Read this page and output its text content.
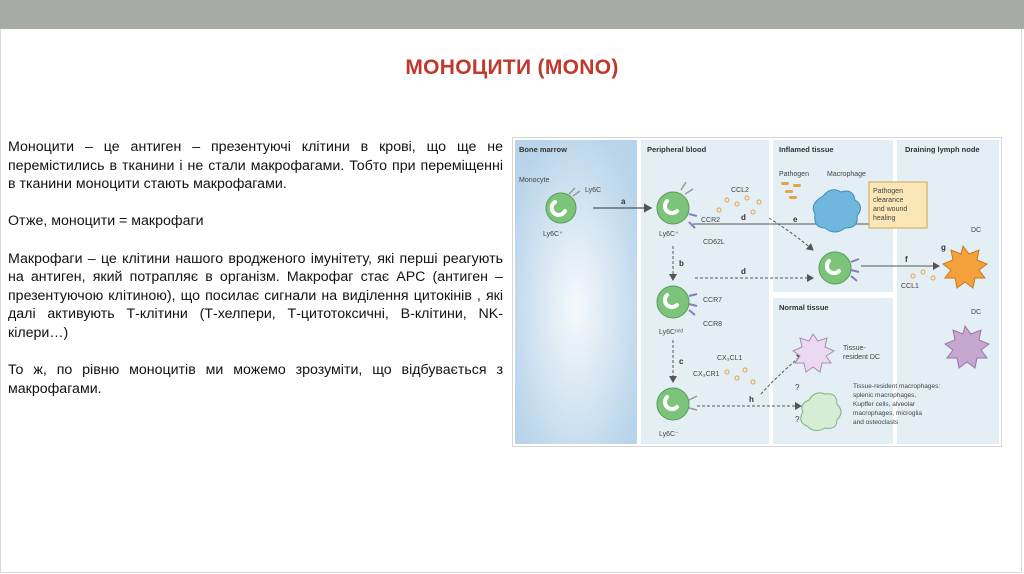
МОНОЦИТИ (MONO)

Моноцити – це антиген – презентуючі клітини в крові, що ще не перемістились в тканини і не стали макрофагами. Тобто при переміщенні в тканини моноцити стають макрофагами.

Отже, моноцити = макрофаги

Макрофаги – це клітини нашого вродженого імунітету, які перші реагують на антиген, який потрапляє в організм. Макрофаг стає АРС (антиген – презентуючою клітиною), що посилає сигнали на виділення цитокінів , які далі активують Т-клітини (Т-хелпери, Т-цитотоксичні, В-клітини, NK-кілери…)

То ж, по рівню моноцитів ми можемо зрозуміти, що відбувається з макрофагами.

Bone marrow	Peripheral blood	Inflamed tissue	Draining lymph node
Normal tissue
Monocyte
Ly6C
Ly6C⁺
a
Ly6C⁺
CCL2
CCR2
CD62L
d	e
Pathogen	Macrophage
Pathogen
clearance
and wound
healing
f
CCL1
DC
g
b
CCR7
CCR8
Ly6Cᵐⁱᵈ
d
c	CX₃CL1
CX₃CR1
Ly6C⁻
h
?
?
Tissue-
resident DC
DC
Tissue-resident macrophages:
splenic macrophages,
Kupffer cells, alveolar
macrophages, microglia
and osteoclasts
